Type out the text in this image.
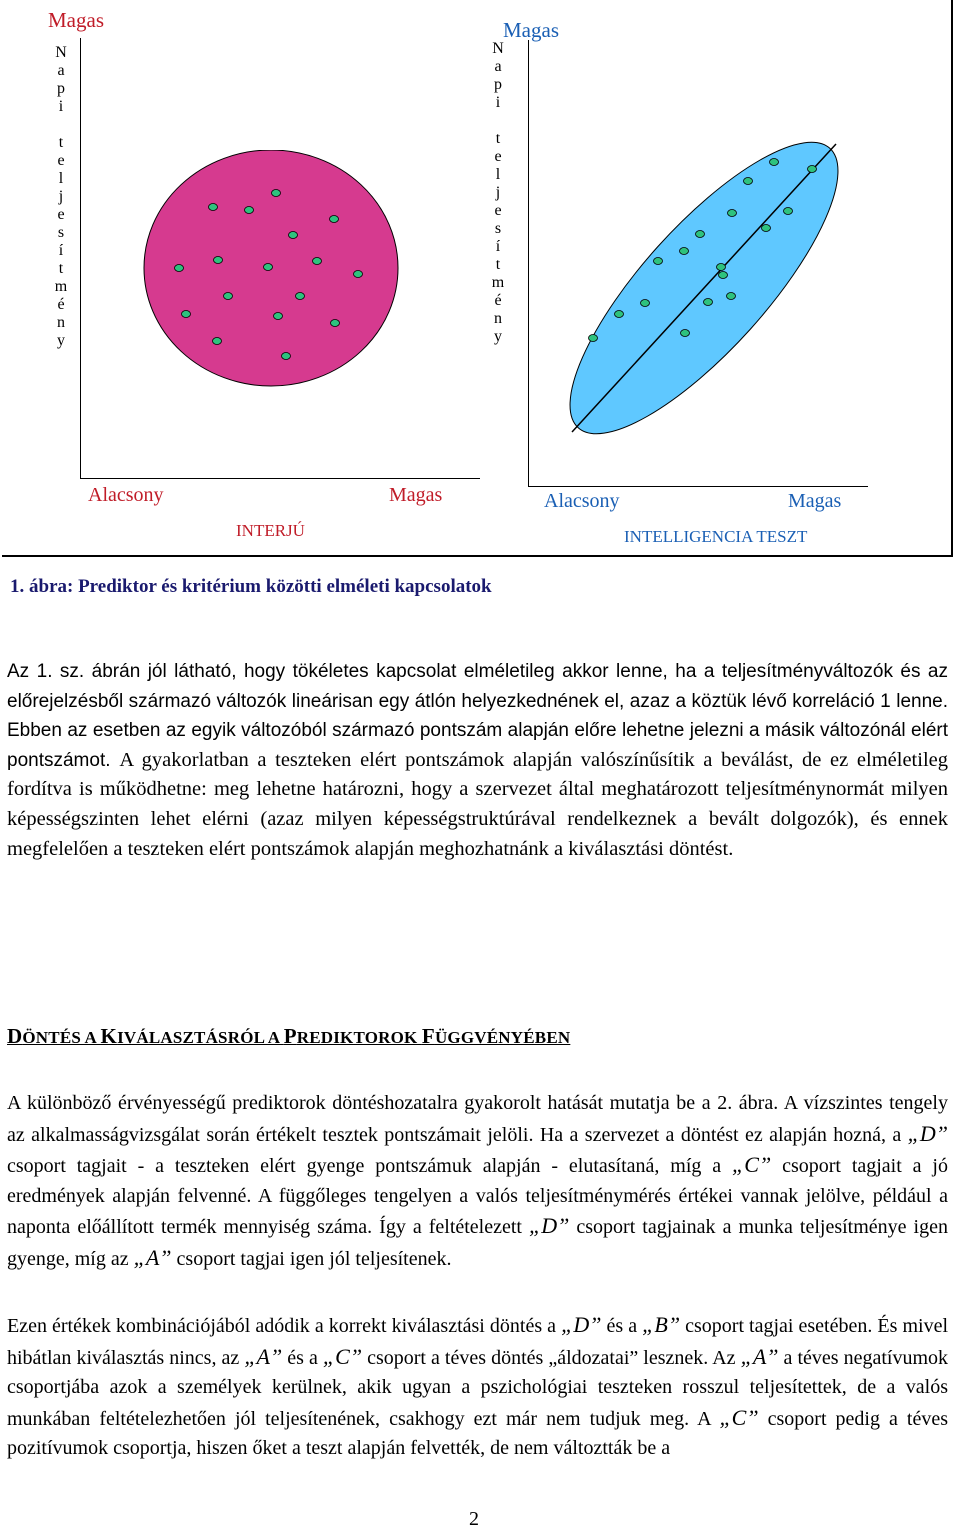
Magas
N
a
p
i
t
e
l
j
e
s
í
t
m
é
n
y
Alacsony	Magas
INTERJÚ
Magas
N
a
p
i
t
e
l
j
e
s
í
t
m
é
n
y
Alacsony	Magas
INTELLIGENCIA TESZT
1. ábra: Prediktor és kritérium közötti elméleti kapcsolatok
Az 1. sz. ábrán jól látható, hogy tökéletes kapcsolat elméletileg akkor lenne, ha a teljesítményváltozók és az előrejelzésből származó változók lineárisan egy átlón helyezkednének el, azaz a köztük lévő korreláció 1 lenne. Ebben az esetben az egyik változóból származó pontszám alapján előre lehetne jelezni a másik változónál elért pontszámot. A gyakorlatban a teszteken elért pontszámok alapján valószínűsítik a beválást, de ez elméletileg fordítva is működhetne: meg lehetne határozni, hogy a szervezet által meghatározott teljesítménynormát milyen képességszinten lehet elérni (azaz milyen képességstruktúrával rendelkeznek a bevált dolgozók), és ennek megfelelően a teszteken elért pontszámok alapján meghozhatnánk a kiválasztási döntést.
DÖNTÉS A KIVÁLASZTÁSRÓL A PREDIKTOROK FÜGGVÉNYÉBEN
A különböző érvényességű prediktorok döntéshozatalra gyakorolt hatását mutatja be a 2. ábra. A vízszintes tengely az alkalmasságvizsgálat során értékelt tesztek pontszámait jelöli. Ha a szervezet a döntést ez alapján hozná, a „D” csoport tagjait - a teszteken elért gyenge pontszámuk alapján - elutasítaná, míg a „C” csoport tagjait a jó eredmények alapján felvenné. A függőleges tengelyen a valós teljesítménymérés értékei vannak jelölve, például a naponta előállított termék mennyiség száma. Így a feltételezett „D” csoport tagjainak a munka teljesítménye igen gyenge, míg az „A” csoport tagjai igen jól teljesítenek.
Ezen értékek kombinációjából adódik a korrekt kiválasztási döntés a „D” és a „B” csoport tagjai esetében. És mivel hibátlan kiválasztás nincs, az „A” és a „C” csoport a téves döntés „áldozatai” lesznek. Az „A” a téves negatívumok csoportjába azok a személyek kerülnek, akik ugyan a pszichológiai teszteken rosszul teljesítettek, de a valós munkában feltételezhetően jól teljesítenének, csakhogy ezt már nem tudjuk meg. A „C” csoport pedig a téves pozitívumok csoportja, hiszen őket a teszt alapján felvették, de nem változtták be a
2
